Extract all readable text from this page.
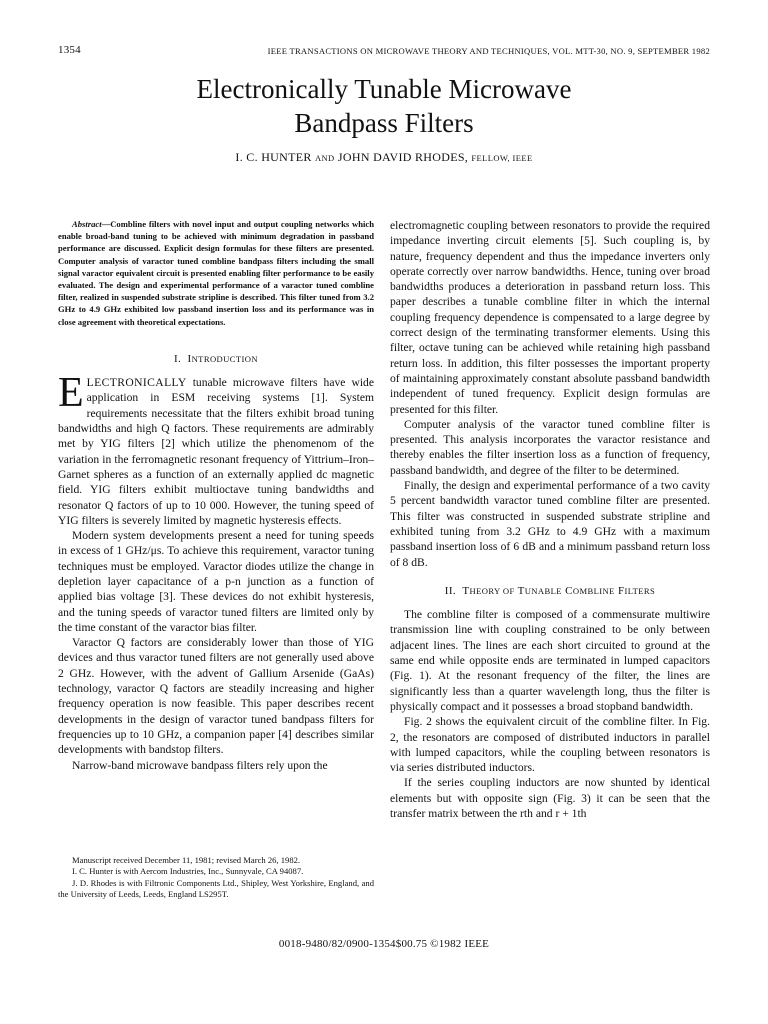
1354	IEEE TRANSACTIONS ON MICROWAVE THEORY AND TECHNIQUES, VOL. MTT-30, NO. 9, SEPTEMBER 1982
Electronically Tunable Microwave
Bandpass Filters
I. C. HUNTER AND JOHN DAVID RHODES, FELLOW, IEEE

Abstract—Combline filters with novel input and output coupling networks which enable broad-band tuning to be achieved with minimum degradation in passband performance are discussed. Explicit design formulas for these filters are presented. Computer analysis of varactor tuned combline bandpass filters including the small signal varactor equivalent circuit is presented enabling filter performance to be easily evaluated. The design and experimental performance of a varactor tuned combline filter, realized in suspended substrate stripline is described. This filter tuned from 3.2 GHz to 4.9 GHz exhibited low passband insertion loss and its performance was in close agreement with theoretical expectations.

I. INTRODUCTION

ELECTRONICALLY tunable microwave filters have wide application in ESM receiving systems [1]. System requirements necessitate that the filters exhibit broad tuning bandwidths and high Q factors. These requirements are admirably met by YIG filters [2] which utilize the phenomenom of the variation in the ferromagnetic resonant frequency of Yittrium–Iron–Garnet spheres as a function of an externally applied dc magnetic field. YIG filters exhibit multioctave tuning bandwidths and resonator Q factors of up to 10 000. However, the tuning speed of YIG filters is severely limited by magnetic hysteresis effects.

Modern system developments present a need for tuning speeds in excess of 1 GHz/μs. To achieve this requirement, varactor tuning techniques must be employed. Varactor diodes utilize the change in depletion layer capacitance of a p-n junction as a function of applied bias voltage [3]. These devices do not exhibit hysteresis, and the tuning speeds of varactor tuned filters are limited only by the time constant of the varactor bias filter.

Varactor Q factors are considerably lower than those of YIG devices and thus varactor tuned filters are not generally used above 2 GHz. However, with the advent of Gallium Arsenide (GaAs) technology, varactor Q factors are steadily increasing and higher frequency operation is now feasible. This paper describes recent developments in the design of varactor tuned bandpass filters for frequencies up to 10 GHz, a companion paper [4] describes similar developments with bandstop filters.

Narrow-band microwave bandpass filters rely upon the

Manuscript received December 11, 1981; revised March 26, 1982.

I. C. Hunter is with Aercom Industries, Inc., Sunnyvale, CA 94087.

J. D. Rhodes is with Filtronic Components Ltd., Shipley, West Yorkshire, England, and the University of Leeds, Leeds, England LS295T.

electromagnetic coupling between resonators to provide the required impedance inverting circuit elements [5]. Such coupling is, by nature, frequency dependent and thus the impedance inverters only operate correctly over narrow bandwidths. Hence, tuning over broad bandwidths produces a deterioration in passband return loss. This paper describes a tunable combline filter in which the internal coupling frequency dependence is compensated to a large degree by correct design of the terminating transformer elements. Using this filter, octave tuning can be achieved while retaining high passband return loss. In addition, this filter possesses the important property of maintaining approximately constant absolute passband bandwidth independent of tuned frequency. Explicit design formulas are presented for this filter.

Computer analysis of the varactor tuned combline filter is presented. This analysis incorporates the varactor resistance and thereby enables the filter insertion loss as a function of frequency, passband bandwidth, and degree of the filter to be determined.

Finally, the design and experimental performance of a two cavity 5 percent bandwidth varactor tuned combline filter are presented. This filter was constructed in suspended substrate stripline and exhibited tuning from 3.2 GHz to 4.9 GHz with a maximum passband insertion loss of 6 dB and a minimum passband return loss of 8 dB.

II. THEORY OF TUNABLE COMBLINE FILTERS

The combline filter is composed of a commensurate multiwire transmission line with coupling constrained to be only between adjacent lines. The lines are each short circuited to ground at the same end while opposite ends are terminated in lumped capacitors (Fig. 1). At the resonant frequency of the filter, the lines are significantly less than a quarter wavelength long, thus the filter is physically compact and it possesses a broad stopband bandwidth.

Fig. 2 shows the equivalent circuit of the combline filter. In Fig. 2, the resonators are composed of distributed inductors in parallel with lumped capacitors, while the coupling between resonators is via series distributed inductors.

If the series coupling inductors are now shunted by identical elements but with opposite sign (Fig. 3) it can be seen that the transfer matrix between the rth and r + 1th

0018-9480/82/0900-1354$00.75 ©1982 IEEE
